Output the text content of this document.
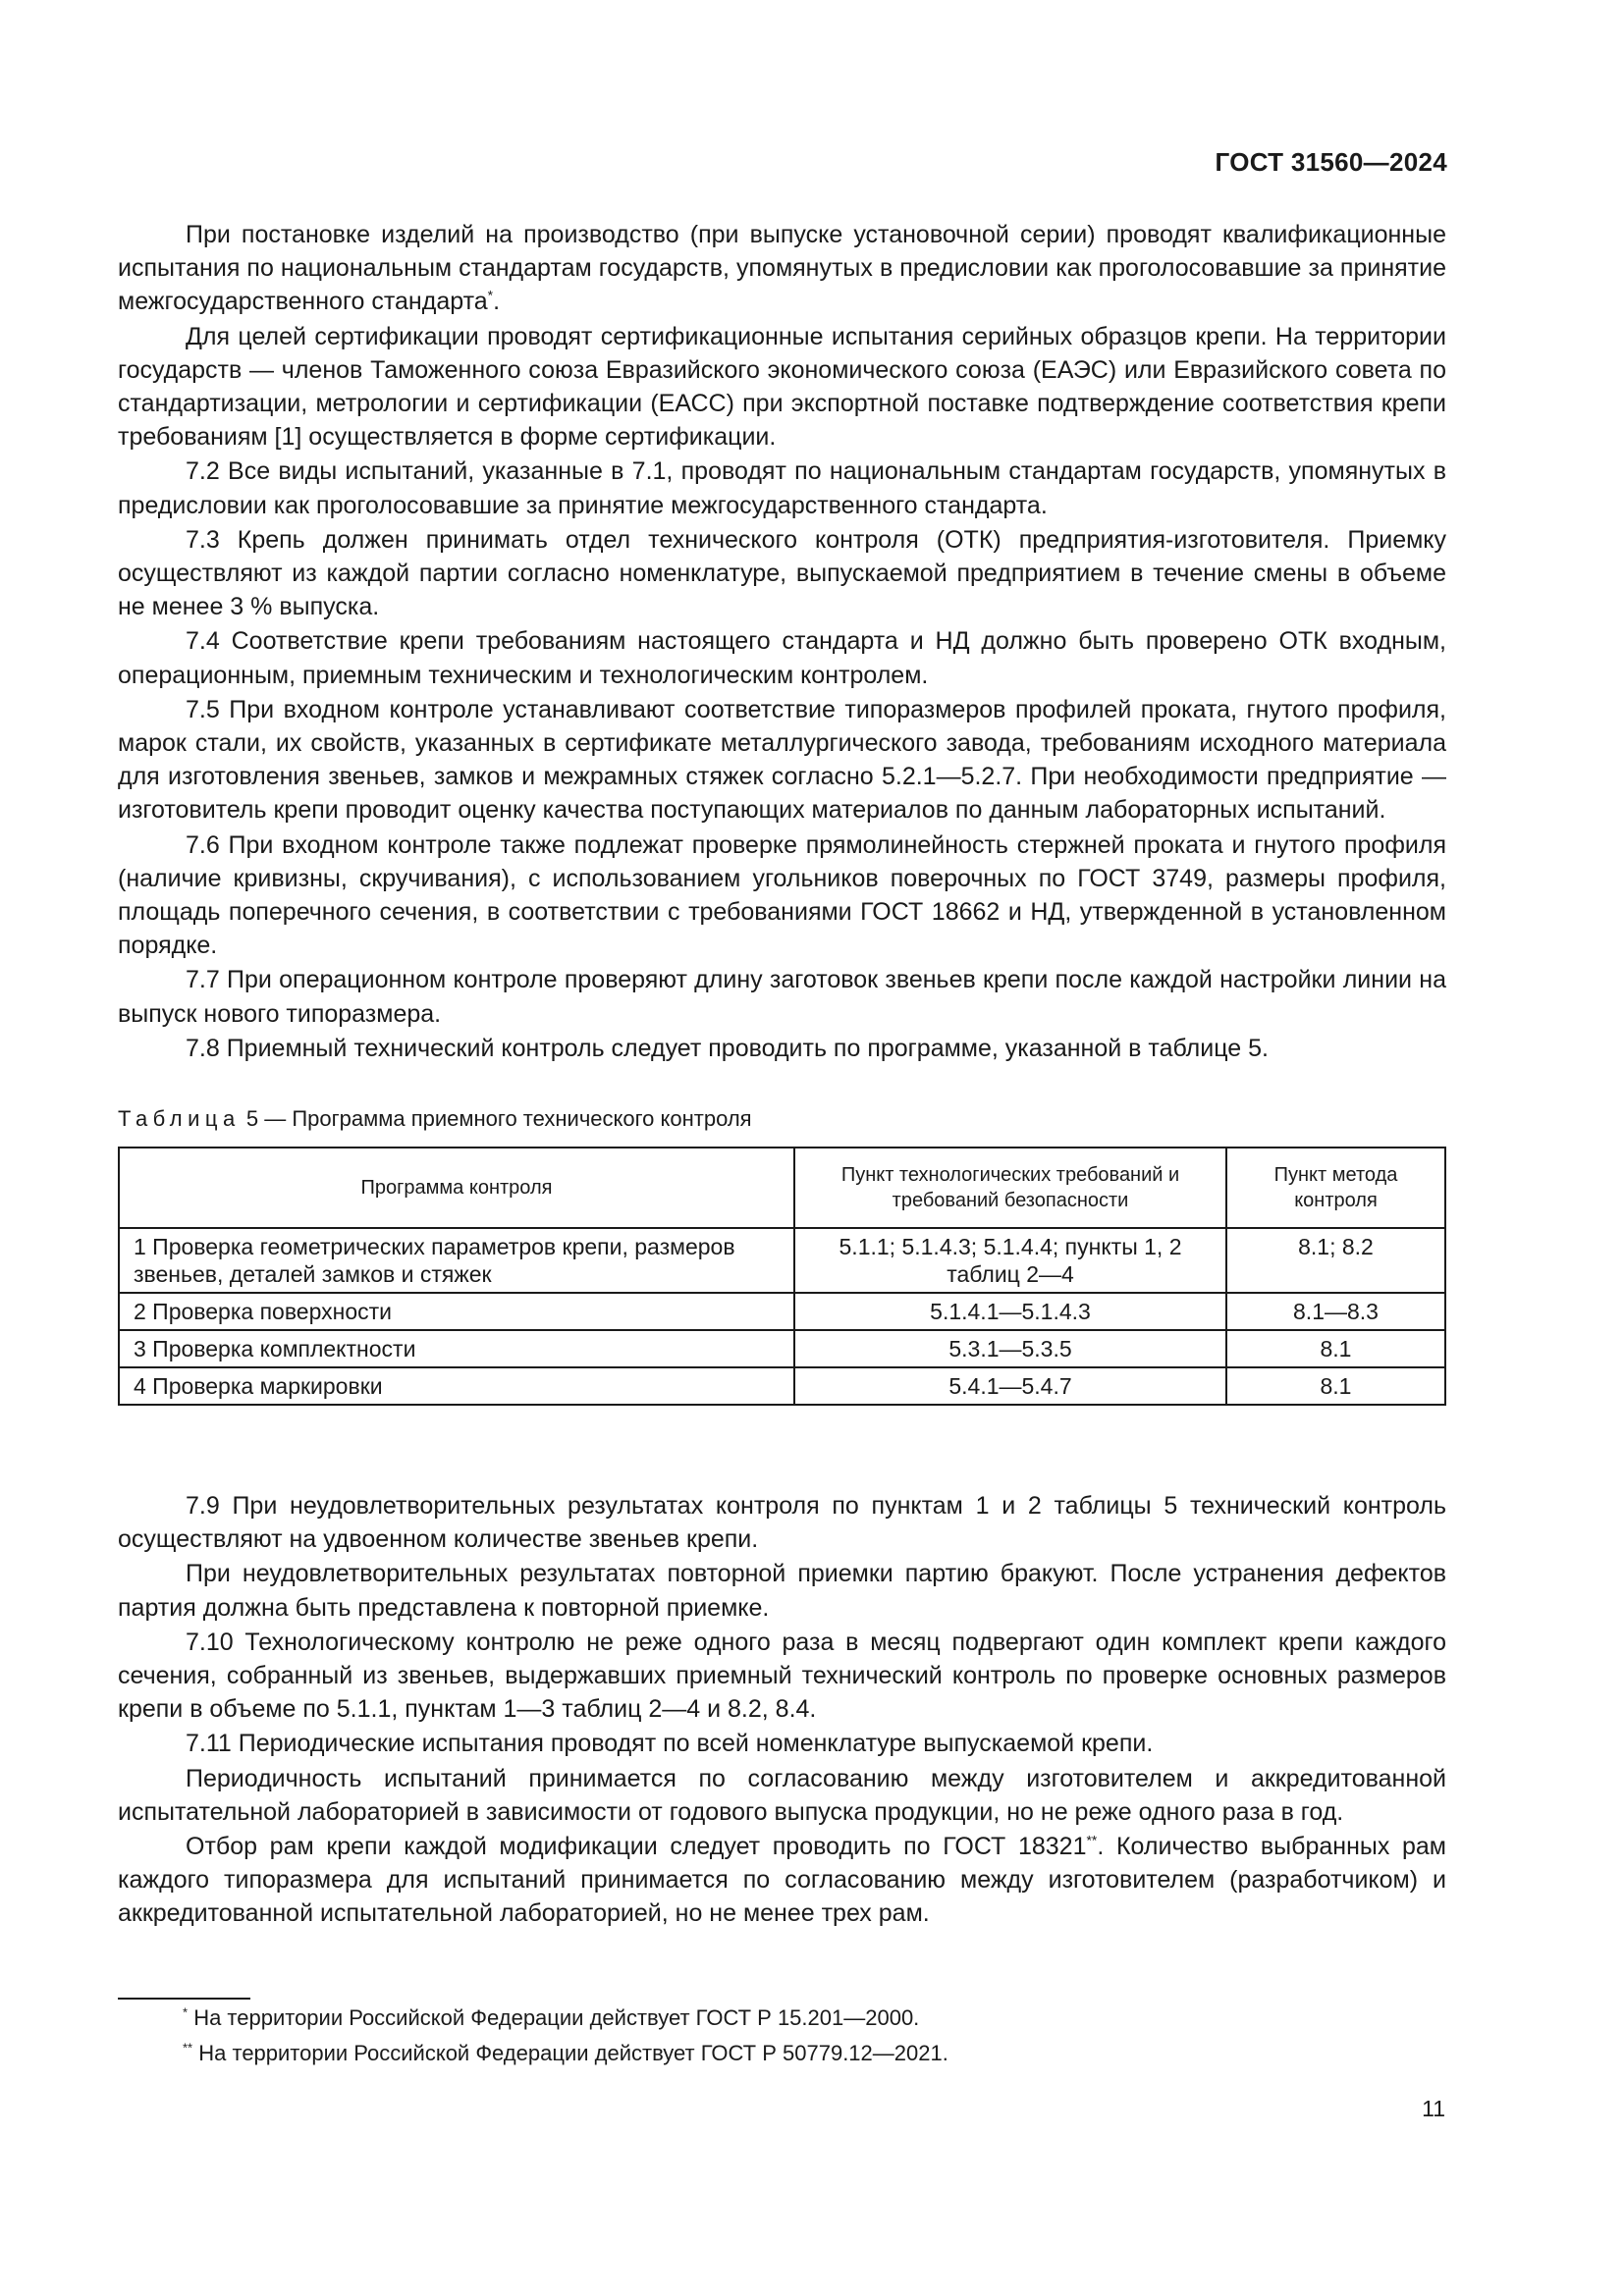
ГОСТ 31560—2024

При постановке изделий на производство (при выпуске установочной серии) проводят квалификационные испытания по национальным стандартам государств, упомянутых в предисловии как проголосовавшие за принятие межгосударственного стандарта*.

Для целей сертификации проводят сертификационные испытания серийных образцов крепи. На территории государств — членов Таможенного союза Евразийского экономического союза (ЕАЭС) или Евразийского совета по стандартизации, метрологии и сертификации (ЕАСС) при экспортной поставке подтверждение соответствия крепи требованиям [1] осуществляется в форме сертификации.

7.2 Все виды испытаний, указанные в 7.1, проводят по национальным стандартам государств, упомянутых в предисловии как проголосовавшие за принятие межгосударственного стандарта.

7.3 Крепь должен принимать отдел технического контроля (ОТК) предприятия-изготовителя. Приемку осуществляют из каждой партии согласно номенклатуре, выпускаемой предприятием в течение смены в объеме не менее 3 % выпуска.

7.4 Соответствие крепи требованиям настоящего стандарта и НД должно быть проверено ОТК входным, операционным, приемным техническим и технологическим контролем.

7.5 При входном контроле устанавливают соответствие типоразмеров профилей проката, гнутого профиля, марок стали, их свойств, указанных в сертификате металлургического завода, требованиям исходного материала для изготовления звеньев, замков и межрамных стяжек согласно 5.2.1—5.2.7. При необходимости предприятие — изготовитель крепи проводит оценку качества поступающих материалов по данным лабораторных испытаний.

7.6 При входном контроле также подлежат проверке прямолинейность стержней проката и гнутого профиля (наличие кривизны, скручивания), с использованием угольников поверочных по ГОСТ 3749, размеры профиля, площадь поперечного сечения, в соответствии с требованиями ГОСТ 18662 и НД, утвержденной в установленном порядке.

7.7 При операционном контроле проверяют длину заготовок звеньев крепи после каждой настройки линии на выпуск нового типоразмера.

7.8 Приемный технический контроль следует проводить по программе, указанной в таблице 5.

Таблица 5 — Программа приемного технического контроля
Программа контроля	Пункт технологических требований и требований безопасности	Пункт метода контроля
1 Проверка геометрических параметров крепи, размеров звеньев, деталей замков и стяжек	5.1.1; 5.1.4.3; 5.1.4.4; пункты 1, 2 таблиц 2—4	8.1; 8.2
2 Проверка поверхности	5.1.4.1—5.1.4.3	8.1—8.3
3 Проверка комплектности	5.3.1—5.3.5	8.1
4 Проверка маркировки	5.4.1—5.4.7	8.1

7.9 При неудовлетворительных результатах контроля по пунктам 1 и 2 таблицы 5 технический контроль осуществляют на удвоенном количестве звеньев крепи.

При неудовлетворительных результатах повторной приемки партию бракуют. После устранения дефектов партия должна быть представлена к повторной приемке.

7.10 Технологическому контролю не реже одного раза в месяц подвергают один комплект крепи каждого сечения, собранный из звеньев, выдержавших приемный технический контроль по проверке основных размеров крепи в объеме по 5.1.1, пунктам 1—3 таблиц 2—4 и 8.2, 8.4.

7.11 Периодические испытания проводят по всей номенклатуре выпускаемой крепи.

Периодичность испытаний принимается по согласованию между изготовителем и аккредитованной испытательной лабораторией в зависимости от годового выпуска продукции, но не реже одного раза в год.

Отбор рам крепи каждой модификации следует проводить по ГОСТ 18321**. Количество выбранных рам каждого типоразмера для испытаний принимается по согласованию между изготовителем (разработчиком) и аккредитованной испытательной лабораторией, но не менее трех рам.

* На территории Российской Федерации действует ГОСТ Р 15.201—2000.
** На территории Российской Федерации действует ГОСТ Р 50779.12—2021.
11
